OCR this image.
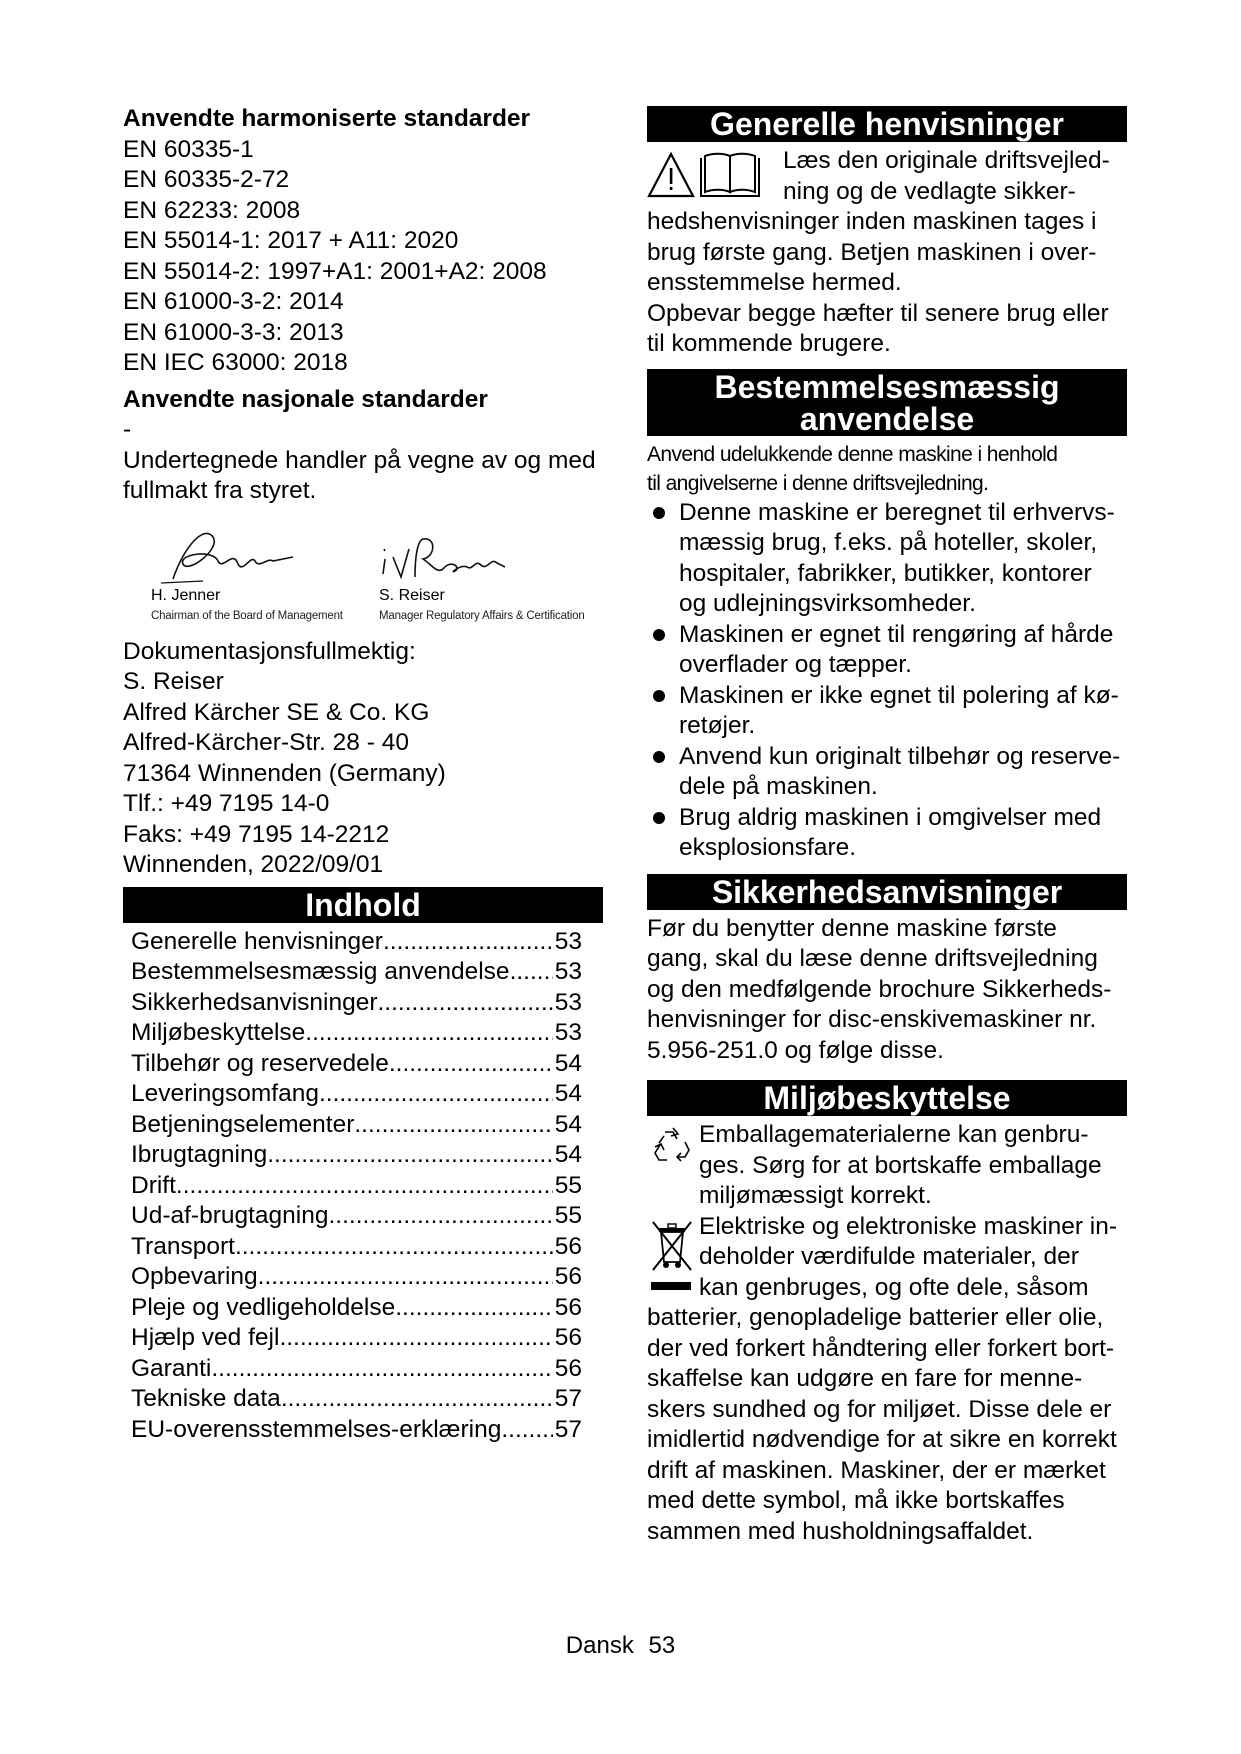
Anvendte harmoniserte standarder

EN 60335-1

EN 60335-2-72

EN 62233: 2008

EN 55014-1: 2017 + A11: 2020

EN 55014-2: 1997+A1: 2001+A2: 2008

EN 61000-3-2: 2014

EN 61000-3-3: 2013

EN IEC 63000: 2018

Anvendte nasjonale standarder

-

Undertegnede handler på vegne av og med fullmakt fra styret.

H. Jenner
Chairman of the Board of Management
S. Reiser
Manager Regulatory Affairs & Certification

Dokumentasjonsfullmektig:

S. Reiser

Alfred Kärcher SE & Co. KG

Alfred-Kärcher-Str. 28 - 40

71364 Winnenden (Germany)

Tlf.: +49 7195 14-0

Faks: +49 7195 14-2212

Winnenden, 2022/09/01

Indhold
Generelle henvisninger .....	53
Bestemmelsesmæssig anvendelse ..... 53
Sikkerhedsanvisninger .....	53
Miljøbeskyttelse .....	53
Tilbehør og reservedele .....	54
Leveringsomfang .....	54
Betjeningselementer .....	54
Ibrugtagning .....	54
Drift .....	55
Ud-af-brugtagning .....	55
Transport .....	56
Opbevaring .....	56
Pleje og vedligeholdelse .....	56
Hjælp ved fejl .....	56
Garanti .....	56
Tekniske data .....	57
EU-overensstemmelses-erklæring ..... 57
Generelle henvisninger

Læs den originale driftsvejled-

ning og de vedlagte sikker-

hedshenvisninger inden maskinen tages i

brug første gang. Betjen maskinen i over-

ensstemmelse hermed.

Opbevar begge hæfter til senere brug eller

til kommende brugere.

Bestemmelsesmæssig
anvendelse

Anvend udelukkende denne maskine i henhold

til angivelserne i denne driftsvejledning.

Denne maskine er beregnet til erhvervs-
mæssig brug, f.eks. på hoteller, skoler,
hospitaler, fabrikker, butikker, kontorer
og udlejningsvirksomheder.
Maskinen er egnet til rengøring af hårde
overflader og tæpper.
Maskinen er ikke egnet til polering af kø-
retøjer.
Anvend kun originalt tilbehør og reserve-
dele på maskinen.
Brug aldrig maskinen i omgivelser med
eksplosionsfare.
Sikkerhedsanvisninger

Før du benytter denne maskine første

gang, skal du læse denne driftsvejledning

og den medfølgende brochure Sikkerheds-

henvisninger for disc-enskivemaskiner nr.

5.956-251.0 og følge disse.

Miljøbeskyttelse

Emballagematerialerne kan genbru-

ges. Sørg for at bortskaffe emballage

miljømæssigt korrekt.

Elektriske og elektroniske maskiner in-

deholder værdifulde materialer, der

kan genbruges, og ofte dele, såsom

batterier, genopladelige batterier eller olie,

der ved forkert håndtering eller forkert bort-

skaffelse kan udgøre en fare for menne-

skers sundhed og for miljøet. Disse dele er

imidlertid nødvendige for at sikre en korrekt

drift af maskinen. Maskiner, der er mærket

med dette symbol, må ikke bortskaffes

sammen med husholdningsaffaldet.

Dansk 53
